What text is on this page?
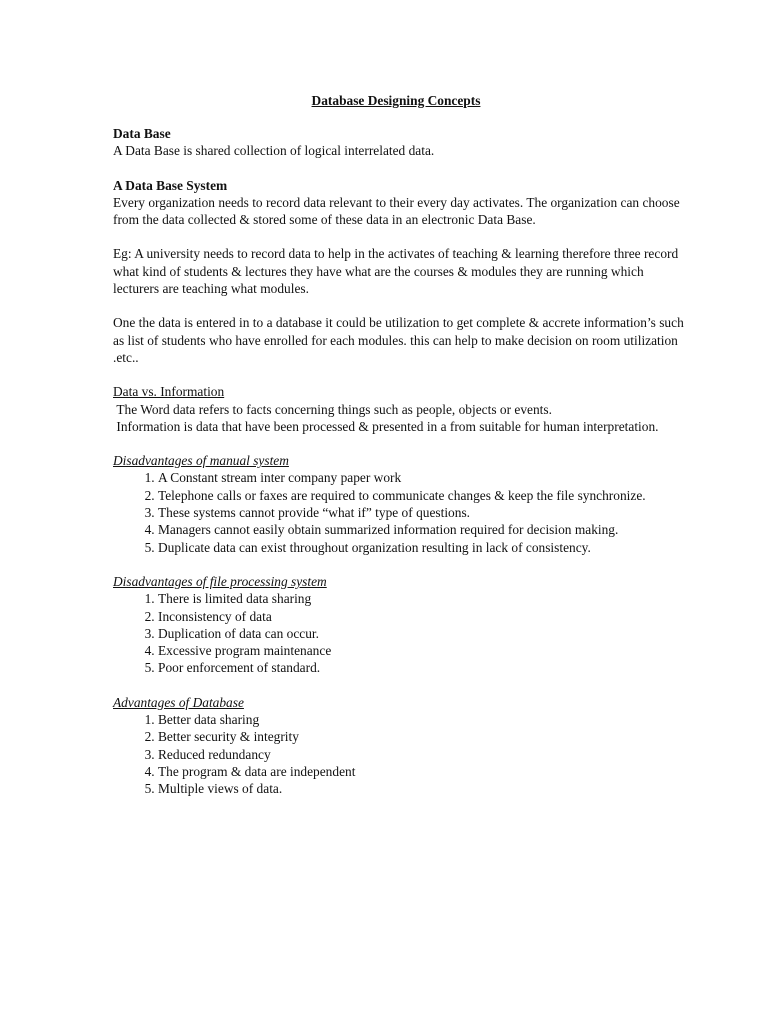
Database Designing Concepts

Data Base

A Data Base is shared collection of logical interrelated data.

A Data Base System

Every organization needs to record data relevant to their every day activates. The organization can choose from the data collected & stored some of these data in an electronic Data Base.

Eg: A university needs to record data to help in the activates of teaching & learning therefore three record what kind of students & lectures they have what are the courses & modules they are running which lecturers are teaching what modules.

One the data is entered in to a database it could be utilization to get complete & accrete information’s such as list of students who have enrolled for each modules. this can help to make decision on room utilization .etc..

Data vs. Information

The Word data refers to facts concerning things such as people, objects or events.

Information is data that have been processed & presented in a from suitable for human interpretation.

Disadvantages of manual system

1. A Constant stream inter company paper work
2. Telephone calls or faxes are required to communicate changes & keep the file synchronize.
3. These systems cannot provide “what if” type of questions.
4. Managers cannot easily obtain summarized information required for decision making.
5. Duplicate data can exist throughout organization resulting in lack of consistency.

Disadvantages of file processing system

1. There is limited data sharing
2. Inconsistency of data
3. Duplication of data can occur.
4. Excessive program maintenance
5. Poor enforcement of standard.

Advantages of Database

1. Better data sharing
2. Better security & integrity
3. Reduced redundancy
4. The program & data are independent
5. Multiple views of data.
